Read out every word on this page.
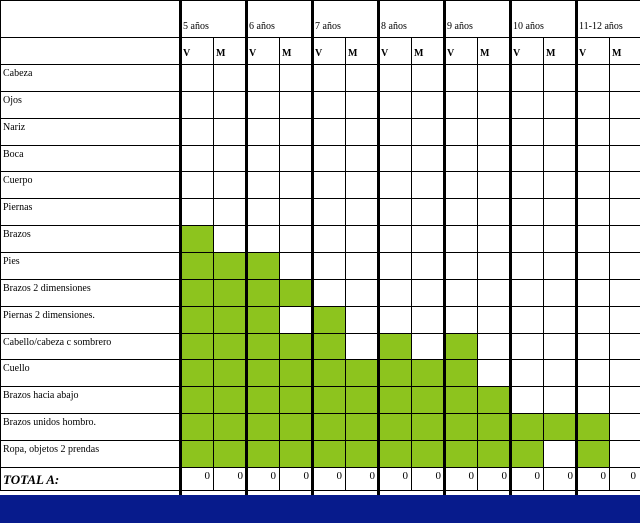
5 años	6 años	7 años	8 años	9 años	10 años	11-12 años
V	M V	M V	M V	M V	M V	M V	M
Cabeza
Ojos
Nariz
Boca
Cuerpo
Piernas
Brazos
Pies
Brazos 2 dimensiones
Piernas 2 dimensiones.
Cabello/cabeza c sombrero
Cuello
Brazos hacia abajo
Brazos unidos hombro.
Ropa, objetos 2 prendas
TOTAL A:	0	0	0	0	0	0	0	0	0	0	0	0	0	0
